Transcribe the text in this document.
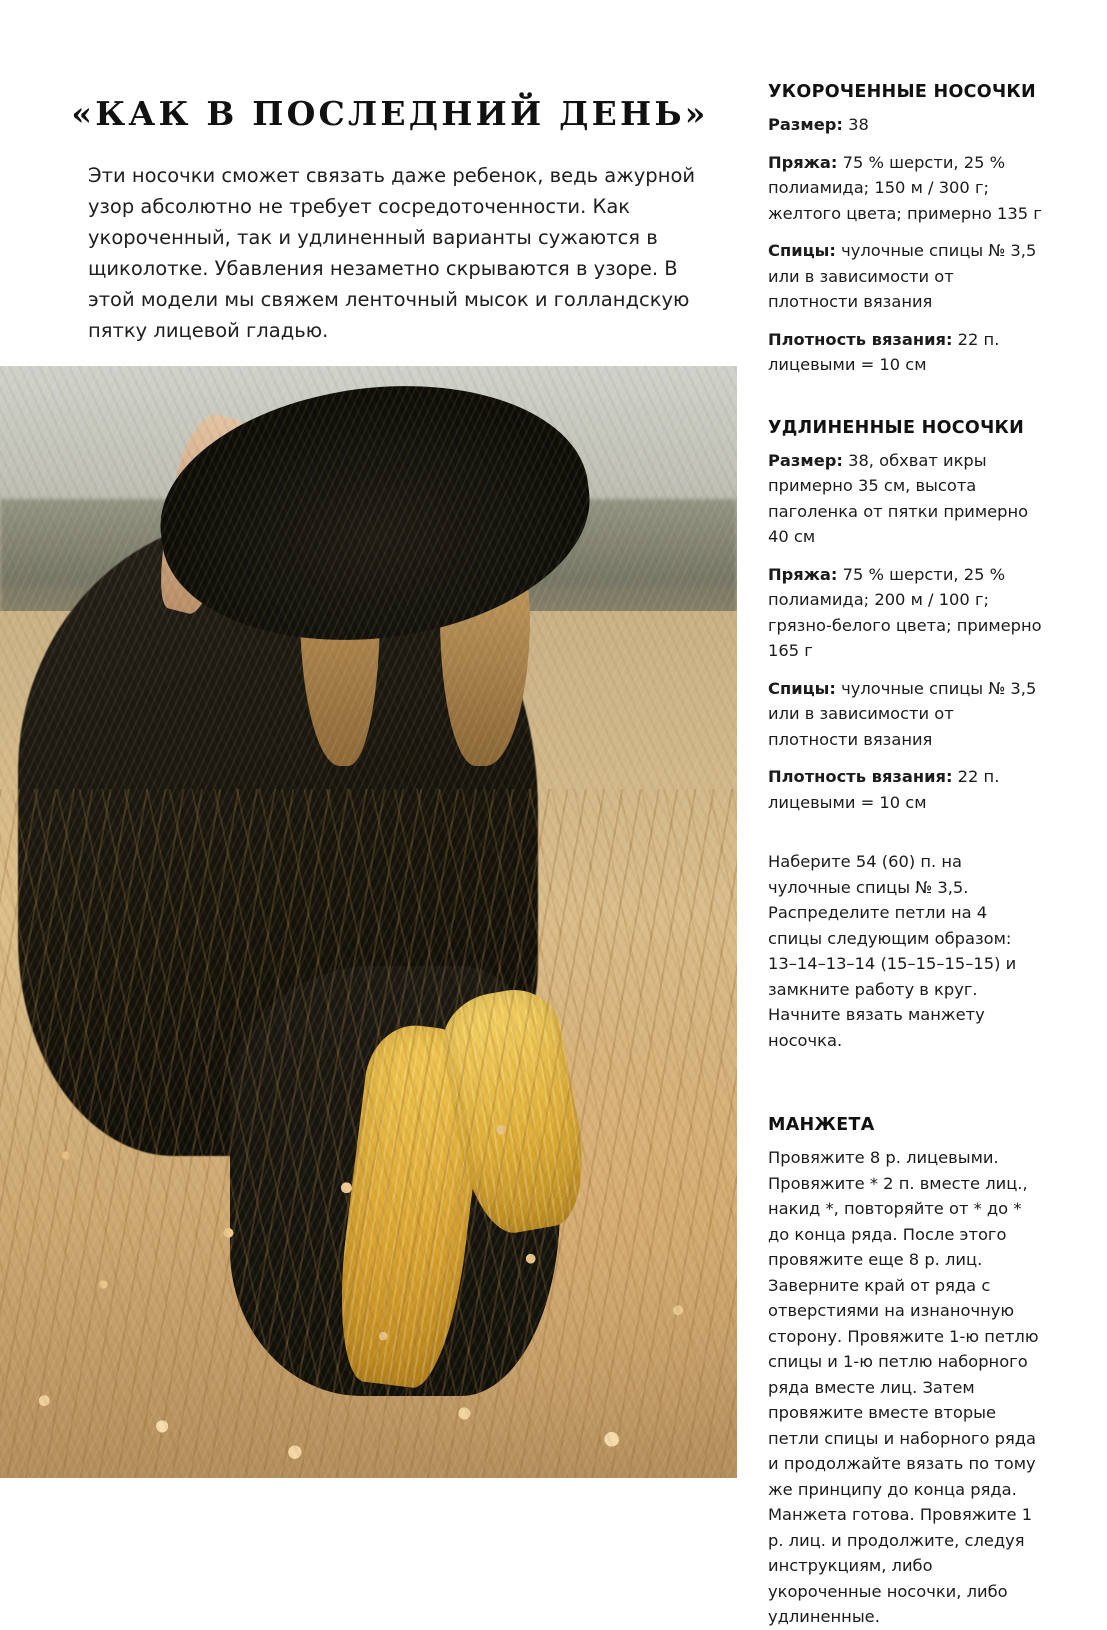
«КАК В ПОСЛЕДНИЙ ДЕНЬ»

Эти носочки сможет связать даже ребенок, ведь ажурной узор абсолютно не требует сосредоточенности. Как укороченный, так и удлиненный варианты сужаются в щиколотке. Убавления незаметно скрываются в узоре. В этой модели мы свяжем ленточный мысок и голландскую пятку лицевой гладью.

УКОРОЧЕННЫЕ НОСОЧКИ

Размер: 38

Пряжа: 75 % шерсти, 25 % полиамида; 150 м / 300 г; желтого цвета; примерно 135 г

Спицы: чулочные спицы № 3,5 или в зависимости от плотности вязания

Плотность вязания: 22 п. лицевыми = 10 см

УДЛИНЕННЫЕ НОСОЧКИ

Размер: 38, обхват икры примерно 35 см, высота паголенка от пятки примерно 40 см

Пряжа: 75 % шерсти, 25 % полиамида; 200 м / 100 г; грязно-белого цвета; примерно 165 г

Спицы: чулочные спицы № 3,5 или в зависимости от плотности вязания

Плотность вязания: 22 п. лицевыми = 10 см

Наберите 54 (60) п. на чулочные спицы № 3,5. Распределите петли на 4 спицы следующим образом: 13–14–13–14 (15–15–15–15) и замкните работу в круг. Начните вязать манжету носочка.

МАНЖЕТА

Провяжите 8 р. лицевыми. Провяжите * 2 п. вместе лиц., накид *, повторяйте от * до * до конца ряда. После этого провяжите еще 8 р. лиц. Заверните край от ряда с отверстиями на изнаночную сторону. Провяжите 1-ю петлю спицы и 1-ю петлю наборного ряда вместе лиц. Затем провяжите вместе вторые петли спицы и наборного ряда и продолжайте вязать по тому же принципу до конца ряда. Манжета готова. Провяжите 1 р. лиц. и продолжите, следуя инструкциям, либо укороченные носочки, либо удлиненные.
